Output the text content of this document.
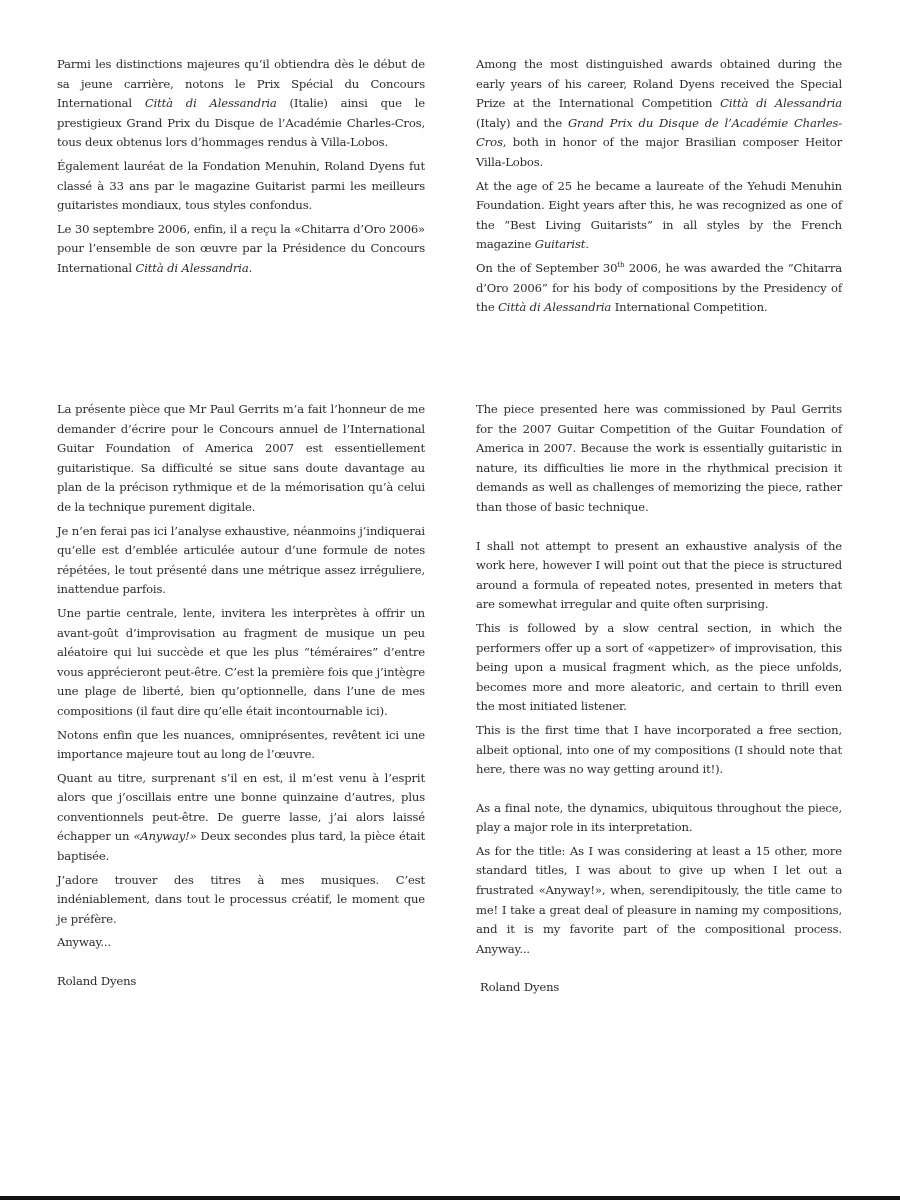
Parmi les distinctions majeures qu’il obtiendra dès le début de sa jeune carrière, notons le Prix Spécial du Concours International Città di Alessandria (Italie) ainsi que le prestigieux Grand Prix du Disque de l’Académie Charles-Cros, tous deux obtenus lors d’hommages rendus à Villa-Lobos.

Également lauréat de la Fondation Menuhin, Roland Dyens fut classé à 33 ans par le magazine Guitarist parmi les meilleurs guitaristes mondiaux, tous styles confondus.

Le 30 septembre 2006, enfin, il a reçu la «Chitarra d’Oro 2006» pour l’ensemble de son œuvre par la Présidence du Concours International Città di Alessandria.

Among the most distinguished awards obtained during the early years of his career, Roland Dyens received the Special Prize at the International Competition Città di Alessandria (Italy) and the Grand Prix du Disque de l’Académie Charles-Cros, both in honor of the major Brasilian composer Heitor Villa-Lobos.

At the age of 25 he became a laureate of the Yehudi Menuhin Foundation. Eight years after this, he was recognized as one of the “Best Living Guitarists” in all styles by the French magazine Guitarist.

On the of September 30th 2006, he was awarded the “Chitarra d’Oro 2006” for his body of compositions by the Presidency of the Città di Alessandria International Competition.

La présente pièce que Mr Paul Gerrits m’a fait l’honneur de me demander d’écrire pour le Concours annuel de l’International Guitar Foundation of America 2007 est essentiellement guitaristique. Sa difficulté se situe sans doute davantage au plan de la précison rythmique et de la mémorisation qu’à celui de la technique purement digitale.

Je n’en ferai pas ici l’analyse exhaustive, néanmoins j’indiquerai qu’elle est d’emblée articulée autour d’une formule de notes répétées, le tout présenté dans une métrique assez irréguliere, inattendue parfois.

Une partie centrale, lente, invitera les interprètes à offrir un avant-goût d’improvisation au fragment de musique un peu aléatoire qui lui succède et que les plus “téméraires” d’entre vous apprécieront peut-être. C’est la première fois que j’intègre une plage de liberté, bien qu’optionnelle, dans l’une de mes compositions (il faut dire qu’elle était incontournable ici).

Notons enfin que les nuances, omniprésentes, revêtent ici une importance majeure tout au long de l’œuvre.

Quant au titre, surprenant s’il en est, il m’est venu à l’esprit alors que j’oscillais entre une bonne quinzaine d’autres, plus conventionnels peut-être. De guerre lasse, j’ai alors laissé échapper un «Anyway!» Deux secondes plus tard, la pièce était baptisée.

J’adore trouver des titres à mes musiques. C’est indéniablement, dans tout le processus créatif, le moment que je préfère.

Anyway...

Roland Dyens

The piece presented here was commissioned by Paul Gerrits for the 2007 Guitar Competition of the Guitar Foundation of America in 2007. Because the work is essentially guitaristic in nature, its difficulties lie more in the rhythmical precision it demands as well as challenges of memorizing the piece, rather than those of basic technique.

I shall not attempt to present an exhaustive analysis of the work here, however I will point out that the piece is structured around a formula of repeated notes, presented in meters that are somewhat irregular and quite often surprising.

This is followed by a slow central section, in which the performers offer up a sort of «appetizer» of improvisation, this being upon a musical fragment which, as the piece unfolds, becomes more and more aleatoric, and certain to thrill even the most initiated listener.

This is the first time that I have incorporated a free section, albeit optional, into one of my compositions (I should note that here, there was no way getting around it!).

As a final note, the dynamics, ubiquitous throughout the piece, play a major role in its interpretation.

As for the title: As I was considering at least a 15 other, more standard titles, I was about to give up when I let out a frustrated «Anyway!», when, serendipitously, the title came to me! I take a great deal of pleasure in naming my compositions, and it is my favorite part of the compositional process. Anyway...

Roland Dyens
